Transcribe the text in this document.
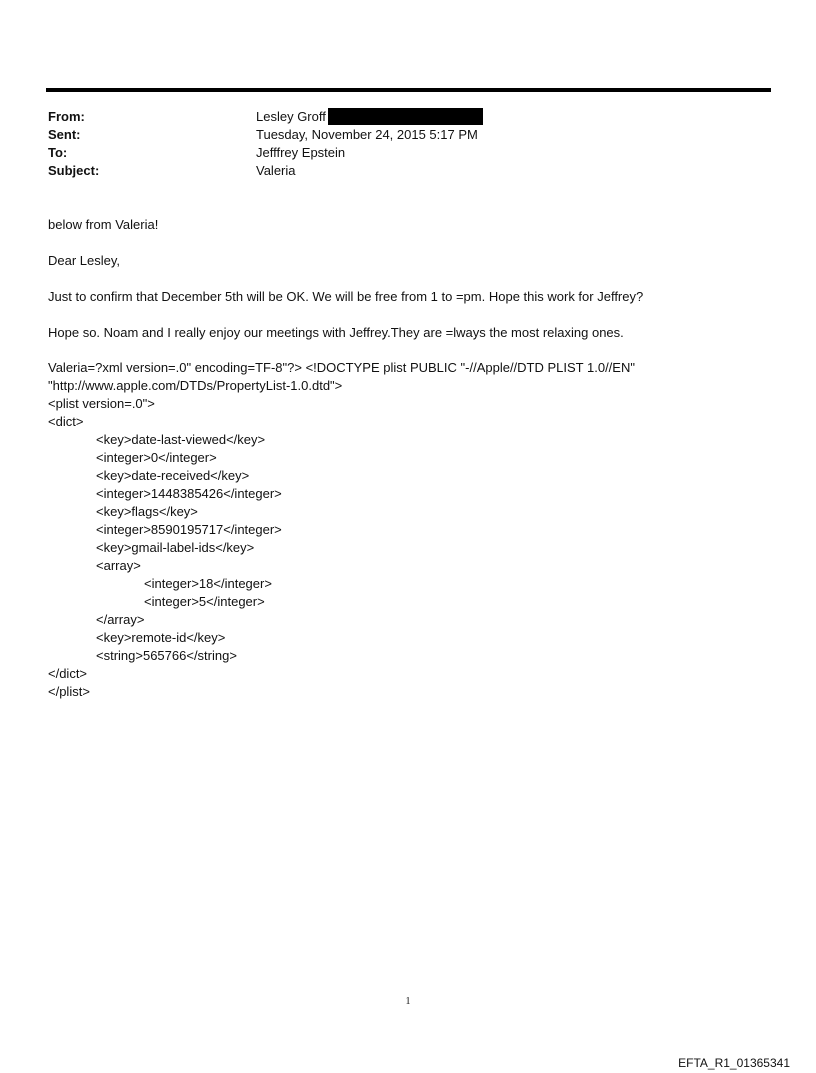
From:	Lesley Groff
Sent:	Tuesday, November 24, 2015 5:17 PM
To:	Jefffrey Epstein
Subject:	Valeria
below from Valeria!
Dear Lesley,
Just to confirm that December 5th will be OK. We will be free from 1 to =pm. Hope this work for Jeffrey?
Hope so. Noam and I really enjoy our meetings with Jeffrey.They are =lways the most relaxing ones.
Valeria=?xml version=.0" encoding=TF-8"?> <!DOCTYPE plist PUBLIC "-//Apple//DTD PLIST 1.0//EN"
"http://www.apple.com/DTDs/PropertyList-1.0.dtd">
<plist version=.0">
<dict>
<key>date-last-viewed</key>
<integer>0</integer>
<key>date-received</key>
<integer>1448385426</integer>
<key>flags</key>
<integer>8590195717</integer>
<key>gmail-label-ids</key>
<array>
<integer>18</integer>
<integer>5</integer>
</array>
<key>remote-id</key>
<string>565766</string>
</dict>
</plist>
1
EFTA_R1_01365341
